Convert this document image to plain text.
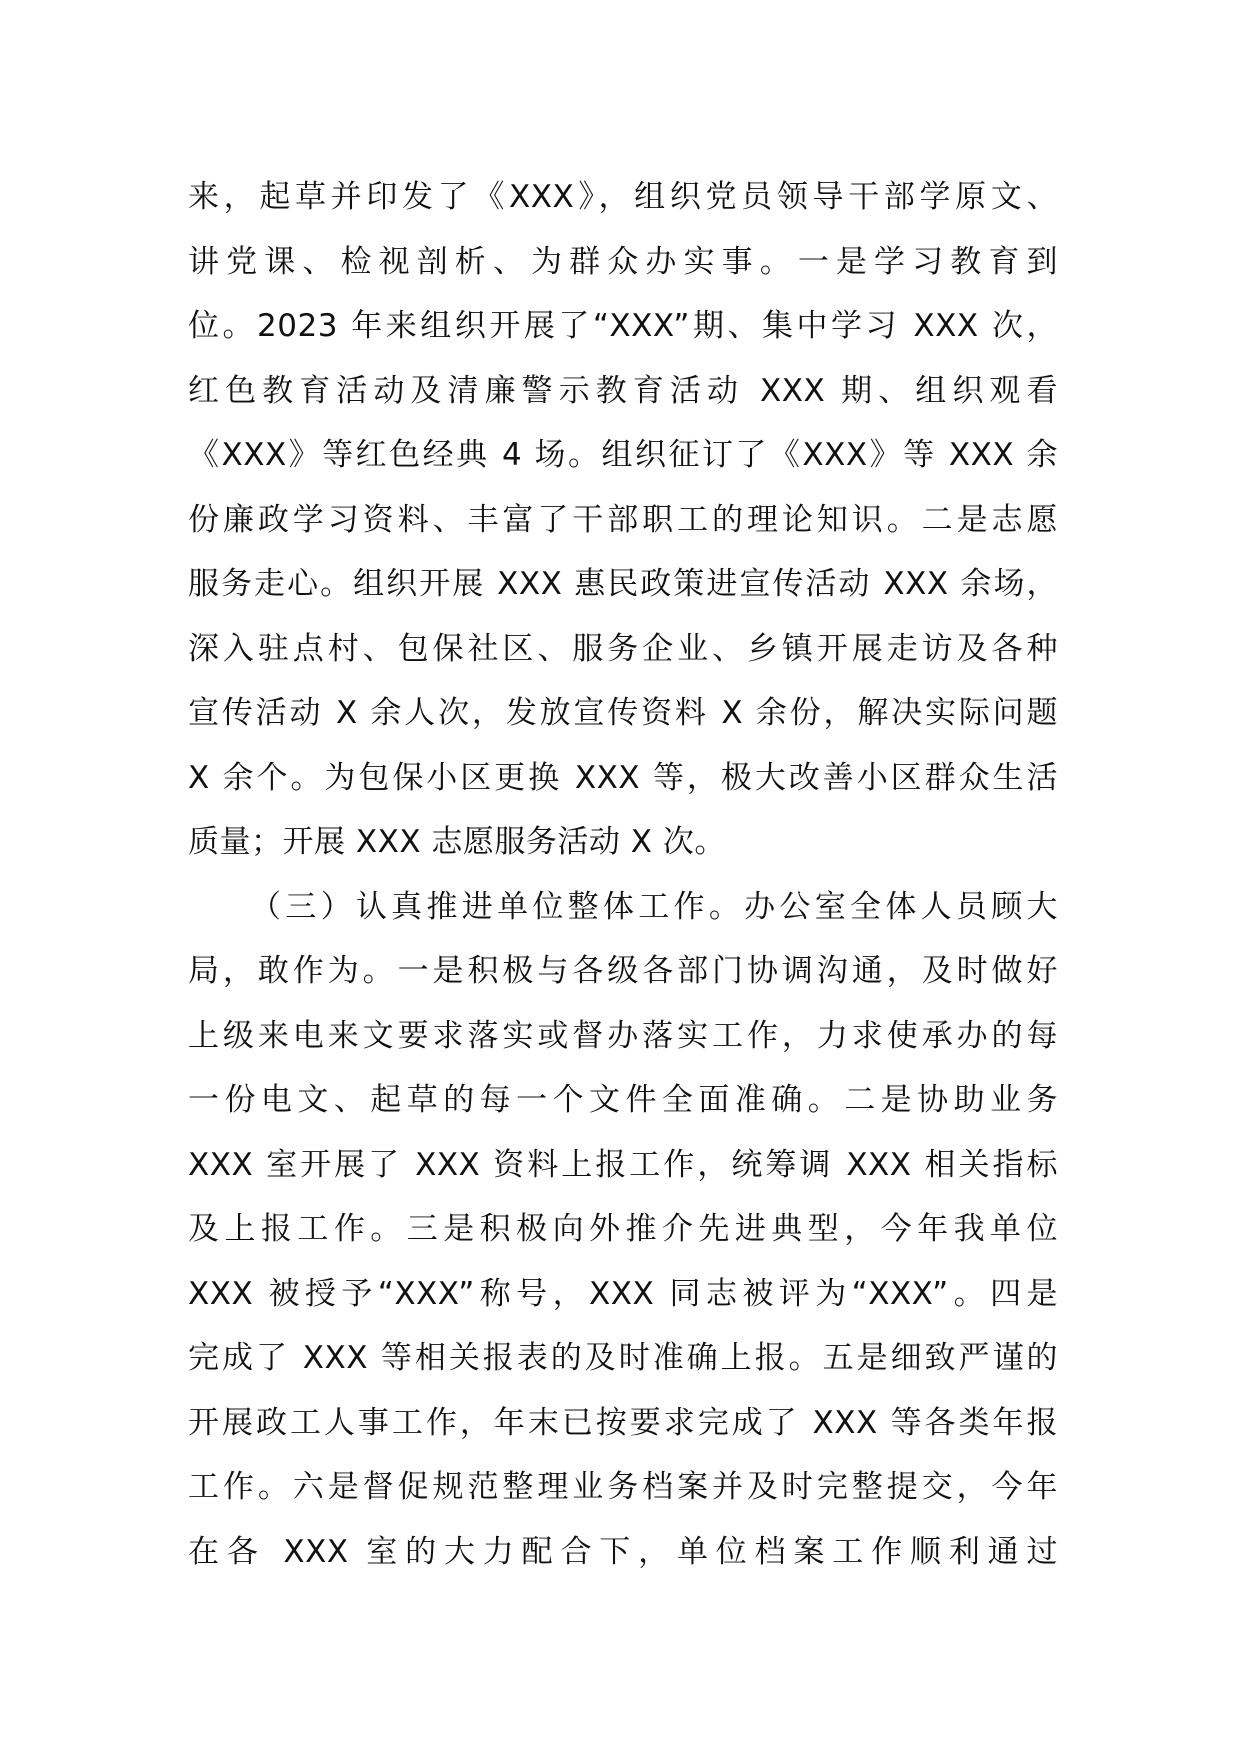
来，起草并印发了《XXX》，组织党员领导干部学原文、
讲党课、检视剖析、为群众办实事。一是学习教育到
位。2023 年来组织开展了“XXX”期、集中学习 XXX 次，
红色教育活动及清廉警示教育活动 XXX 期、组织观看
《XXX》等红色经典 4 场。组织征订了《XXX》等 XXX 余
份廉政学习资料、丰富了干部职工的理论知识。二是志愿
服务走心。组织开展 XXX 惠民政策进宣传活动 XXX 余场，
深入驻点村、包保社区、服务企业、乡镇开展走访及各种
宣传活动 X 余人次，发放宣传资料 X 余份，解决实际问题
X 余个。为包保小区更换 XXX 等，极大改善小区群众生活
质量；开展 XXX 志愿服务活动 X 次。
（三）认真推进单位整体工作。办公室全体人员顾大
局，敢作为。一是积极与各级各部门协调沟通，及时做好
上级来电来文要求落实或督办落实工作，力求使承办的每
一份电文、起草的每一个文件全面准确。二是协助业务
XXX 室开展了 XXX 资料上报工作，统筹调 XXX 相关指标
及上报工作。三是积极向外推介先进典型，今年我单位
XXX 被授予“XXX”称号，XXX 同志被评为“XXX”。四是
完成了 XXX 等相关报表的及时准确上报。五是细致严谨的
开展政工人事工作，年末已按要求完成了 XXX 等各类年报
工作。六是督促规范整理业务档案并及时完整提交，今年
在各 XXX 室的大力配合下，单位档案工作顺利通过
